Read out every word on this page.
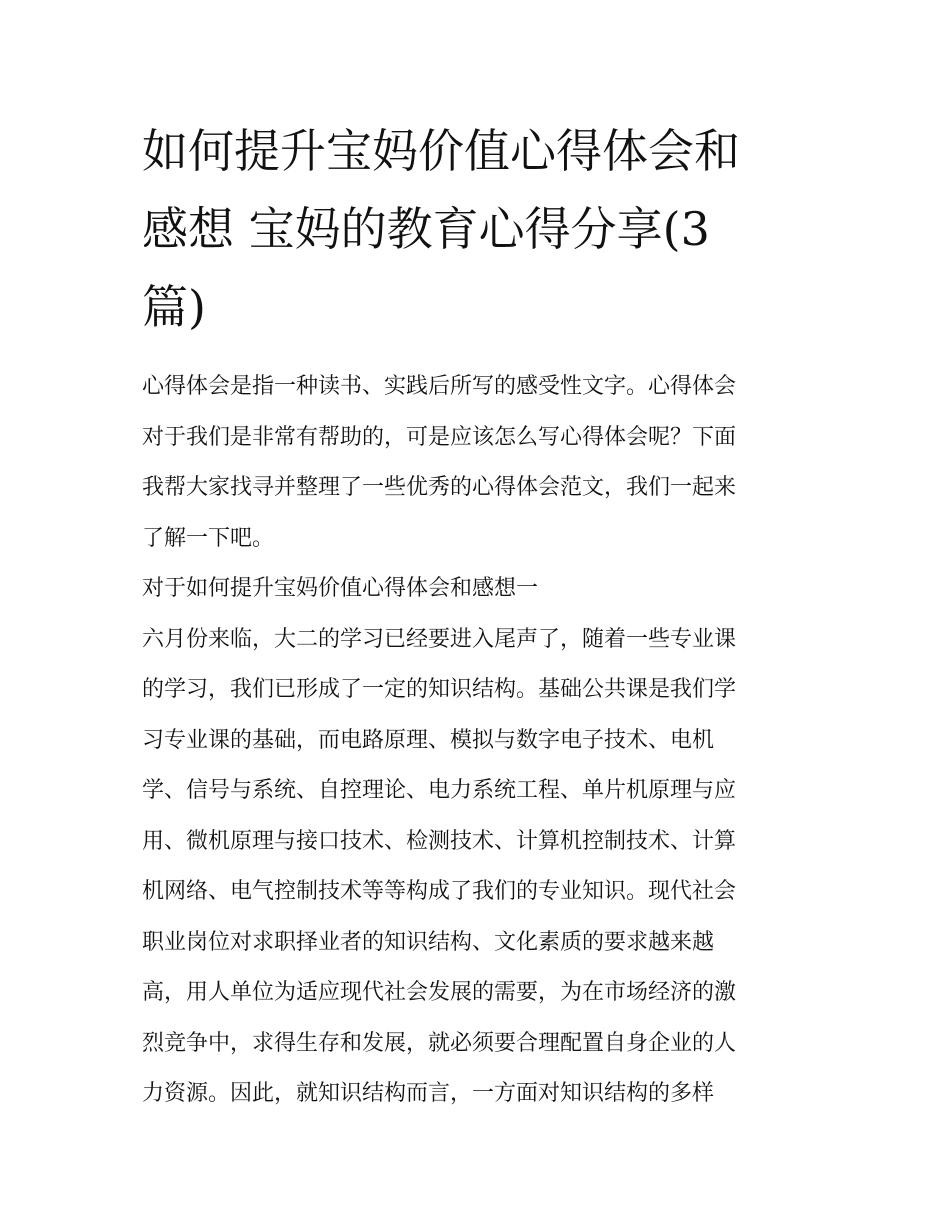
如何提升宝妈价值心得体会和
感想 宝妈的教育心得分享(3
篇)
心得体会是指一种读书、实践后所写的感受性文字。心得体会
对于我们是非常有帮助的，可是应该怎么写心得体会呢？下面
我帮大家找寻并整理了一些优秀的心得体会范文，我们一起来
了解一下吧。
对于如何提升宝妈价值心得体会和感想一
六月份来临，大二的学习已经要进入尾声了，随着一些专业课
的学习，我们已形成了一定的知识结构。基础公共课是我们学
习专业课的基础，而电路原理、模拟与数字电子技术、电机
学、信号与系统、自控理论、电力系统工程、单片机原理与应
用、微机原理与接口技术、检测技术、计算机控制技术、计算
机网络、电气控制技术等等构成了我们的专业知识。现代社会
职业岗位对求职择业者的知识结构、文化素质的要求越来越
高，用人单位为适应现代社会发展的需要，为在市场经济的激
烈竞争中，求得生存和发展，就必须要合理配置自身企业的人
力资源。因此，就知识结构而言，一方面对知识结构的多样
